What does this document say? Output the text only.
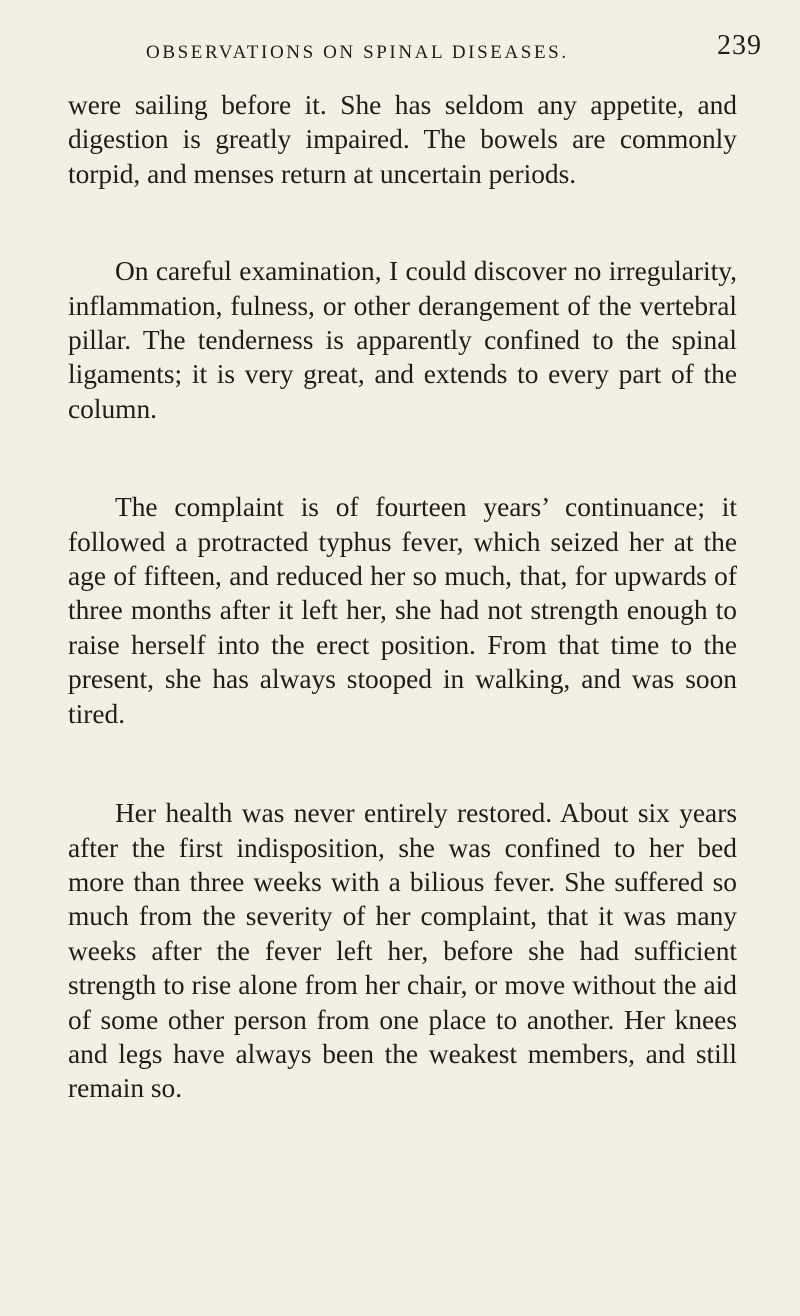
OBSERVATIONS ON SPINAL DISEASES.	239

were sailing before it. She has seldom any appetite, and digestion is greatly impaired. The bowels are commonly torpid, and menses return at uncertain periods.

On careful examination, I could discover no irregularity, inflammation, fulness, or other derangement of the vertebral pillar. The tenderness is apparently confined to the spinal ligaments; it is very great, and extends to every part of the column.

The complaint is of fourteen years’ continuance; it followed a protracted typhus fever, which seized her at the age of fifteen, and reduced her so much, that, for upwards of three months after it left her, she had not strength enough to raise herself into the erect position. From that time to the present, she has always stooped in walking, and was soon tired.

Her health was never entirely restored. About six years after the first indisposition, she was confined to her bed more than three weeks with a bilious fever. She suffered so much from the severity of her complaint, that it was many weeks after the fever left her, before she had sufficient strength to rise alone from her chair, or move without the aid of some other person from one place to another. Her knees and legs have always been the weakest members, and still remain so.
